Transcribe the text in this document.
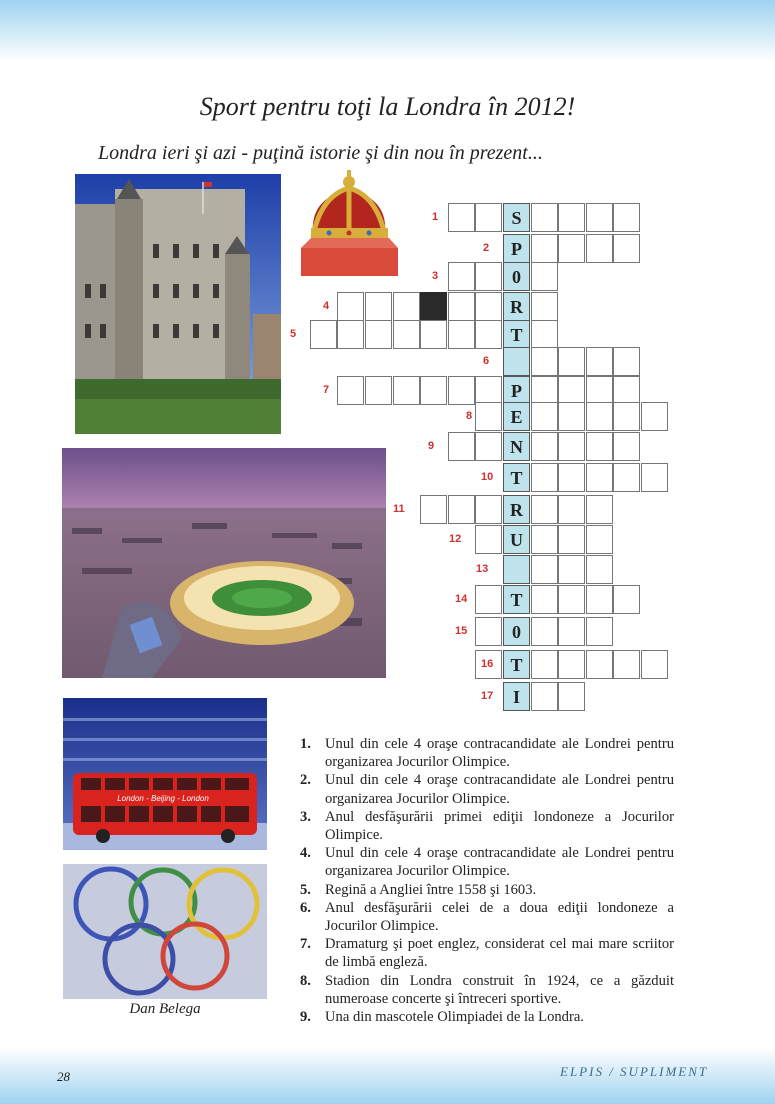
Sport pentru toţi la Londra în 2012!
Londra ieri şi azi - puţină istorie şi din nou în prezent...
London - Beijing - London
Dan Belega
S
1
P
2
0
3
R
4
T
5
6
P
7
E
8
N
9
T
10
R
11
U
12
13
T
14
0
15
T
16
I
17
1. Unul din cele 4 oraşe contracandidate ale Londrei pentru organizarea Jocurilor Olimpice.
2. Unul din cele 4 oraşe contracandidate ale Londrei pentru organizarea Jocurilor Olimpice.
3. Anul desfăşurării primei ediţii londoneze a Jocurilor Olimpice.
4. Unul din cele 4 oraşe contracandidate ale Londrei pentru organizarea Jocurilor Olimpice.
5. Regină a Angliei între 1558 şi 1603.
6. Anul desfăşurării celei de a doua ediţii londoneze a Jocurilor Olimpice.
7. Dramaturg şi poet englez, considerat cel mai mare scriitor de limbă engleză.
8. Stadion din Londra construit în 1924, ce a găzduit numeroase concerte şi întreceri sportive.
9. Una din mascotele Olimpiadei de la Londra.
28	ELPIS / SUPLIMENT
